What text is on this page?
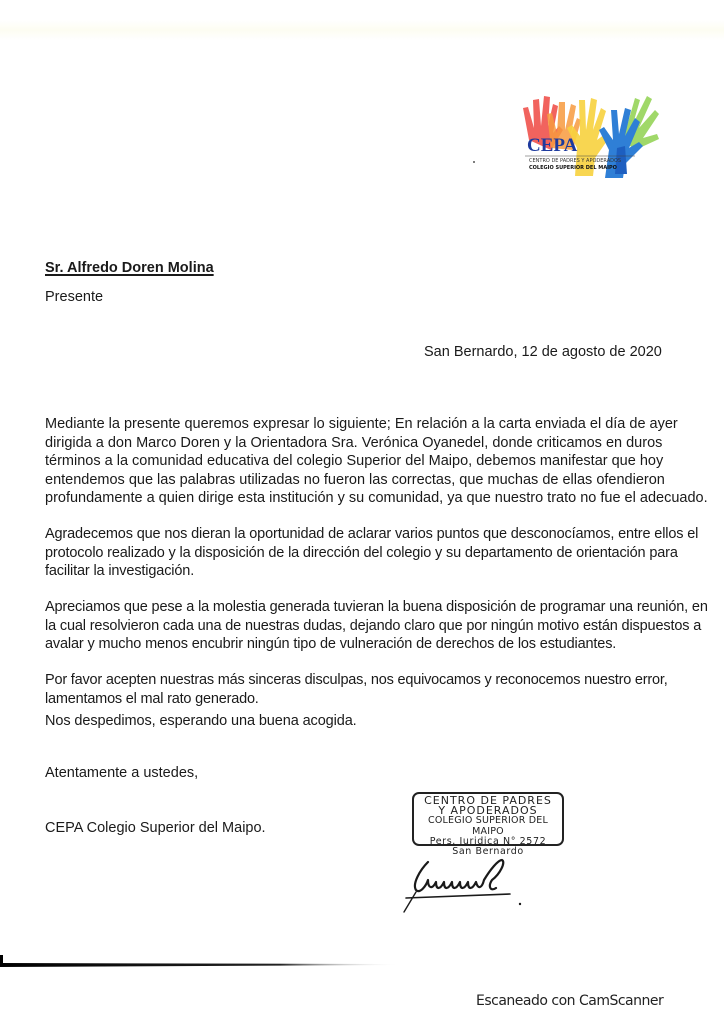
CEPA
CENTRO DE PADRES Y APODERADOS
COLEGIO SUPERIOR DEL MAIPO
Sr. Alfredo Doren Molina
Presente
San Bernardo, 12 de agosto de 2020
Mediante la presente queremos expresar lo siguiente; En relación a la carta enviada el día de ayer dirigida a don Marco Doren y la Orientadora Sra. Verónica Oyanedel, donde criticamos en duros términos a la comunidad educativa del colegio Superior del Maipo, debemos manifestar que hoy entendemos que las palabras utilizadas no fueron las correctas, que muchas de ellas ofendieron profundamente a quien dirige esta institución y su comunidad, ya que nuestro trato no fue el adecuado.
Agradecemos que nos dieran la oportunidad de aclarar varios puntos que desconocíamos, entre ellos el protocolo realizado y la disposición de la dirección del colegio y su departamento de orientación para facilitar la investigación.
Apreciamos que pese a la molestia generada tuvieran la buena disposición de programar una reunión, en la cual resolvieron cada una de nuestras dudas, dejando claro que por ningún motivo están dispuestos a avalar y mucho menos encubrir ningún tipo de vulneración de derechos de los estudiantes.
Por favor acepten nuestras más sinceras disculpas, nos equivocamos y reconocemos nuestro error, lamentamos el mal rato generado.
Nos despedimos, esperando una buena acogida.
Atentamente a ustedes,
CEPA Colegio Superior del Maipo.
CENTRO DE PADRES
Y APODERADOS
COLEGIO SUPERIOR DEL MAIPO
Pers. Juridica N° 2572
San Bernardo
Escaneado con CamScanner
